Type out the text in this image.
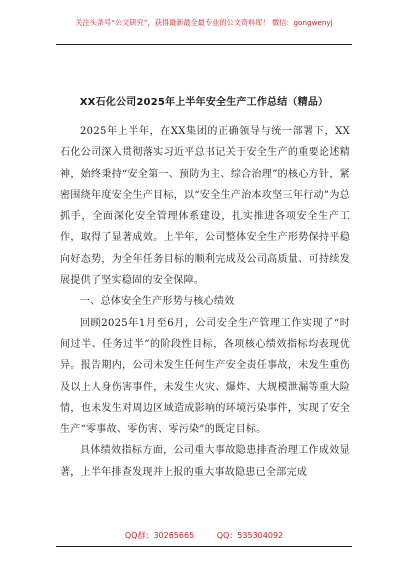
关注头条号“公文研究”，获得最新最全最专业的公文资料库！ 微信：gongwenyj
XX石化公司2025年上半年安全生产工作总结（精品）

2025年上半年，在XX集团的正确领导与统一部署下，XX石化公司深入贯彻落实习近平总书记关于安全生产的重要论述精神，始终秉持“安全第一、预防为主、综合治理”的核心方针，紧密围绕年度安全生产目标，以“安全生产治本攻坚三年行动”为总抓手，全面深化安全管理体系建设，扎实推进各项安全生产工作，取得了显著成效。上半年，公司整体安全生产形势保持平稳向好态势，为全年任务目标的顺利完成及公司高质量、可持续发展提供了坚实稳固的安全保障。

一、总体安全生产形势与核心绩效

回顾2025年1月至6月，公司安全生产管理工作实现了“时间过半、任务过半”的阶段性目标，各项核心绩效指标均表现优异。报告期内，公司未发生任何生产安全责任事故，未发生重伤及以上人身伤害事件，未发生火灾、爆炸、大规模泄漏等重大险情，也未发生对周边区域造成影响的环境污染事件，实现了安全生产“零事故、零伤害、零污染”的既定目标。

具体绩效指标方面，公司重大事故隐患排查治理工作成效显著，上半年排查发现并上报的重大事故隐患已全部完成

QQ群：30265665	QQ：535304092
